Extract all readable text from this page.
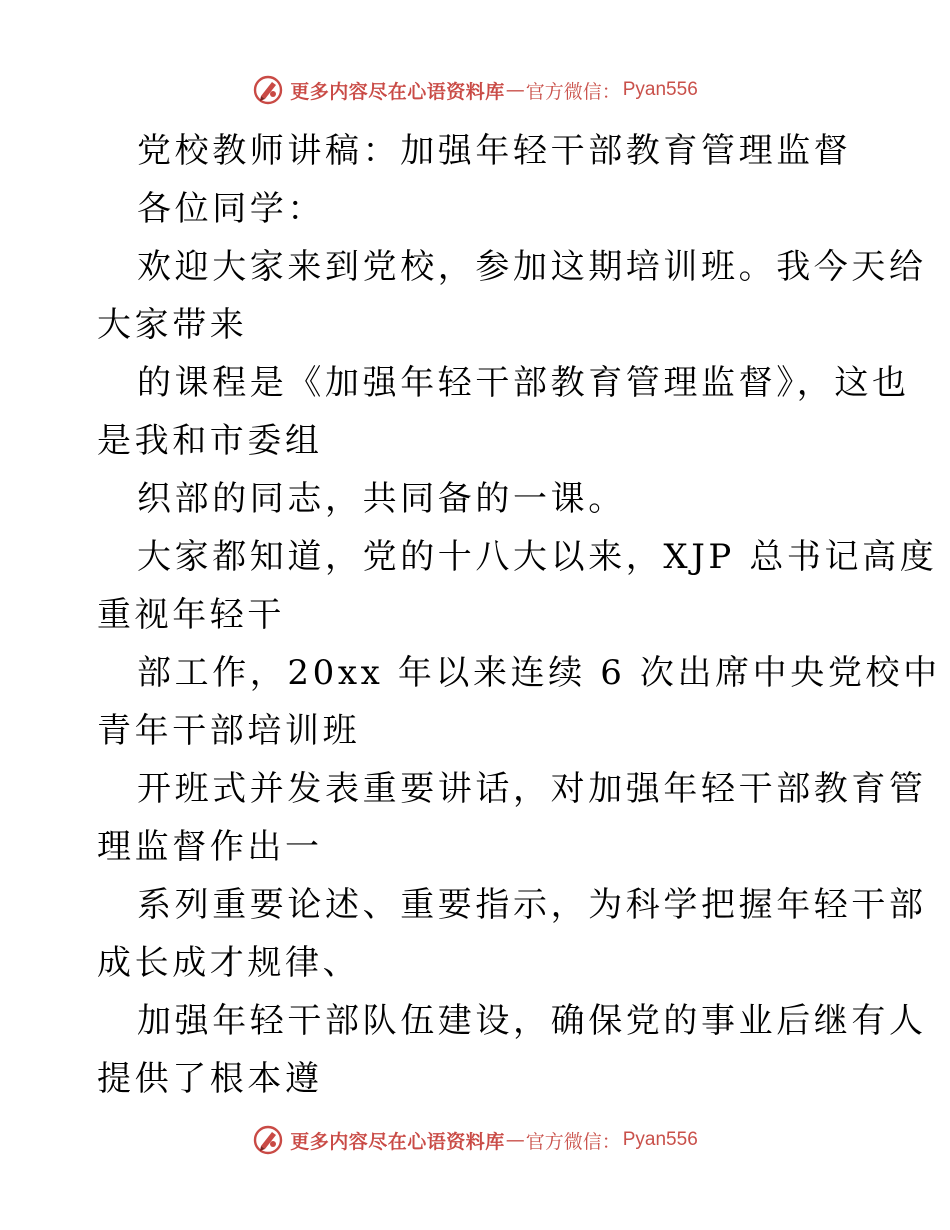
更多内容尽在心语资料库 — 官方微信： Pyan556
党校教师讲稿：加强年轻干部教育管理监督
各位同学：
欢迎大家来到党校，参加这期培训班。我今天给
大家带来
的课程是《加强年轻干部教育管理监督》，这也
是我和市委组
织部的同志，共同备的一课。
大家都知道，党的十八大以来，XJP 总书记高度
重视年轻干
部工作，20xx 年以来连续 6 次出席中央党校中
青年干部培训班
开班式并发表重要讲话，对加强年轻干部教育管
理监督作出一
系列重要论述、重要指示，为科学把握年轻干部
成长成才规律、
加强年轻干部队伍建设，确保党的事业后继有人
提供了根本遵
更多内容尽在心语资料库 — 官方微信： Pyan556
